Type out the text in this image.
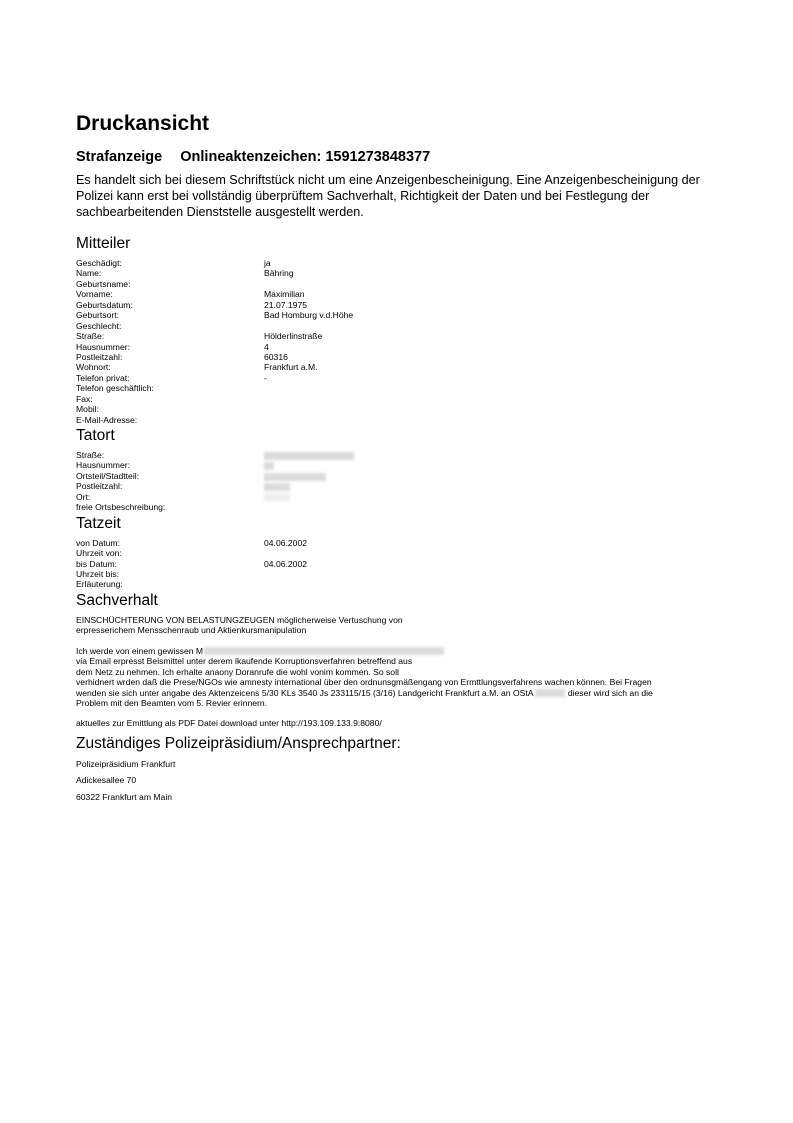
Druckansicht
Strafanzeige Onlineaktenzeichen: 1591273848377
Es handelt sich bei diesem Schriftstück nicht um eine Anzeigenbescheinigung. Eine Anzeigenbescheinigung der Polizei kann erst bei vollständig überprüftem Sachverhalt, Richtigkeit der Daten und bei Festlegung der sachbearbeitenden Dienststelle ausgestellt werden.
Mitteiler
Geschädigt:	ja
Name:	Bähring
Geburtsname:
Vorname:	Maximilian
Geburtsdatum:	21.07.1975
Geburtsort:	Bad Homburg v.d.Höhe
Geschlecht:
Straße:	Hölderlinstraße
Hausnummer:	4
Postleitzahl:	60316
Wohnort:	Frankfurt a.M.
Telefon privat:	-
Telefon geschäftlich:
Fax:
Mobil:
E-Mail-Adresse:
Tatort
Straße:
Hausnummer:
Ortsteil/Stadtteil:
Postleitzahl:
Ort:
freie Ortsbeschreibung:
Tatzeit
von Datum:	04.06.2002
Uhrzeit von:
bis Datum:	04.06.2002
Uhrzeit bis:
Erläuterung:
Sachverhalt
EINSCHÜCHTERUNG VON BELASTUNGZEUGEN möglicherweise Vertuschung von
erpresserichem Mensschenraub und Aktienkursmanipulation
Ich werde von einem gewissen M
via Email erpresst Beismittel unter derem lkaufende Korruptionsverfahren betreffend aus
dem Netz zu nehmen. Ich erhalte anaony Doranrufe die wohl vonim kommen. So soll
verhidnert wrden daß die Prese/NGOs wie amnesty international über den ordnunsgmäßengang von Ermttlungsverfahrens wachen können. Bei Fragen
wenden sie sich unter angabe des Aktenzeicens 5/30 KLs 3540 Js 233115/15 (3/16) Landgericht Frankfurt a.M. an OStA	dieser wird sich an die
Problem mit den Beamten vom 5. Revier erinnern.
aktuelles zur Emittlung als PDF Datei download unter http://193.109.133.9:8080/
Zuständiges Polizeipräsidium/Ansprechpartner:
Polizeipräsidium Frankfurt
Adickesallee 70
60322 Frankfurt am Main
